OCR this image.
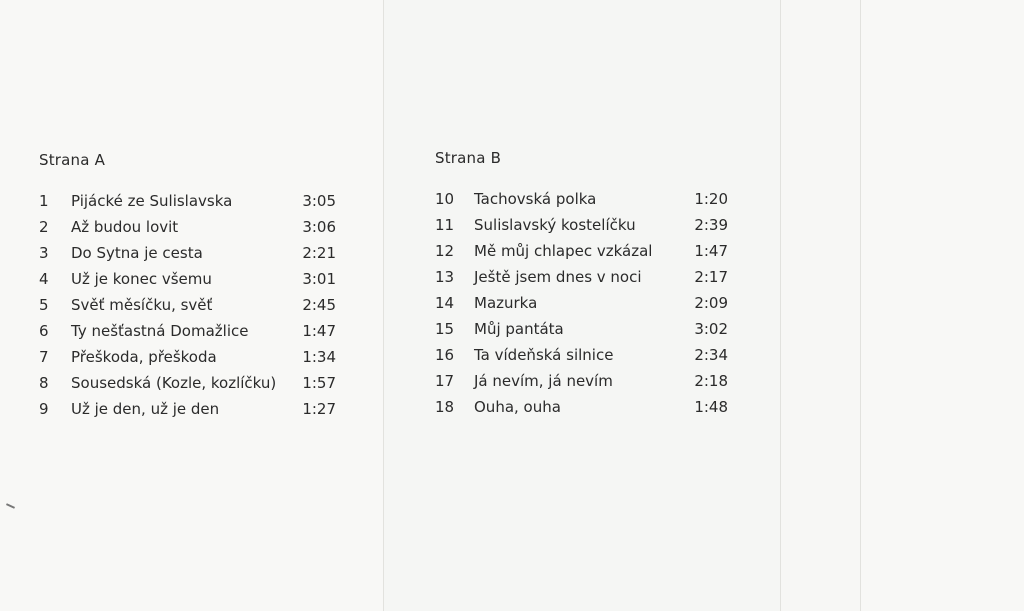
Strana A
1	Pijácké ze Sulislavska	3:05
2	Až budou lovit	3:06
3	Do Sytna je cesta	2:21
4	Už je konec všemu	3:01
5	Svěť měsíčku, svěť	2:45
6	Ty nešťastná Domažlice	1:47
7	Přeškoda, přeškoda	1:34
8	Sousedská (Kozle, kozlíčku) 1:57
9	Už je den, už je den	1:27
Strana B
10	Tachovská polka	1:20
11	Sulislavský kostelíčku	2:39
12	Mě můj chlapec vzkázal	1:47
13	Ještě jsem dnes v noci	2:17
14	Mazurka	2:09
15	Můj pantáta	3:02
16	Ta vídeňská silnice	2:34
17	Já nevím, já nevím	2:18
18	Ouha, ouha	1:48
